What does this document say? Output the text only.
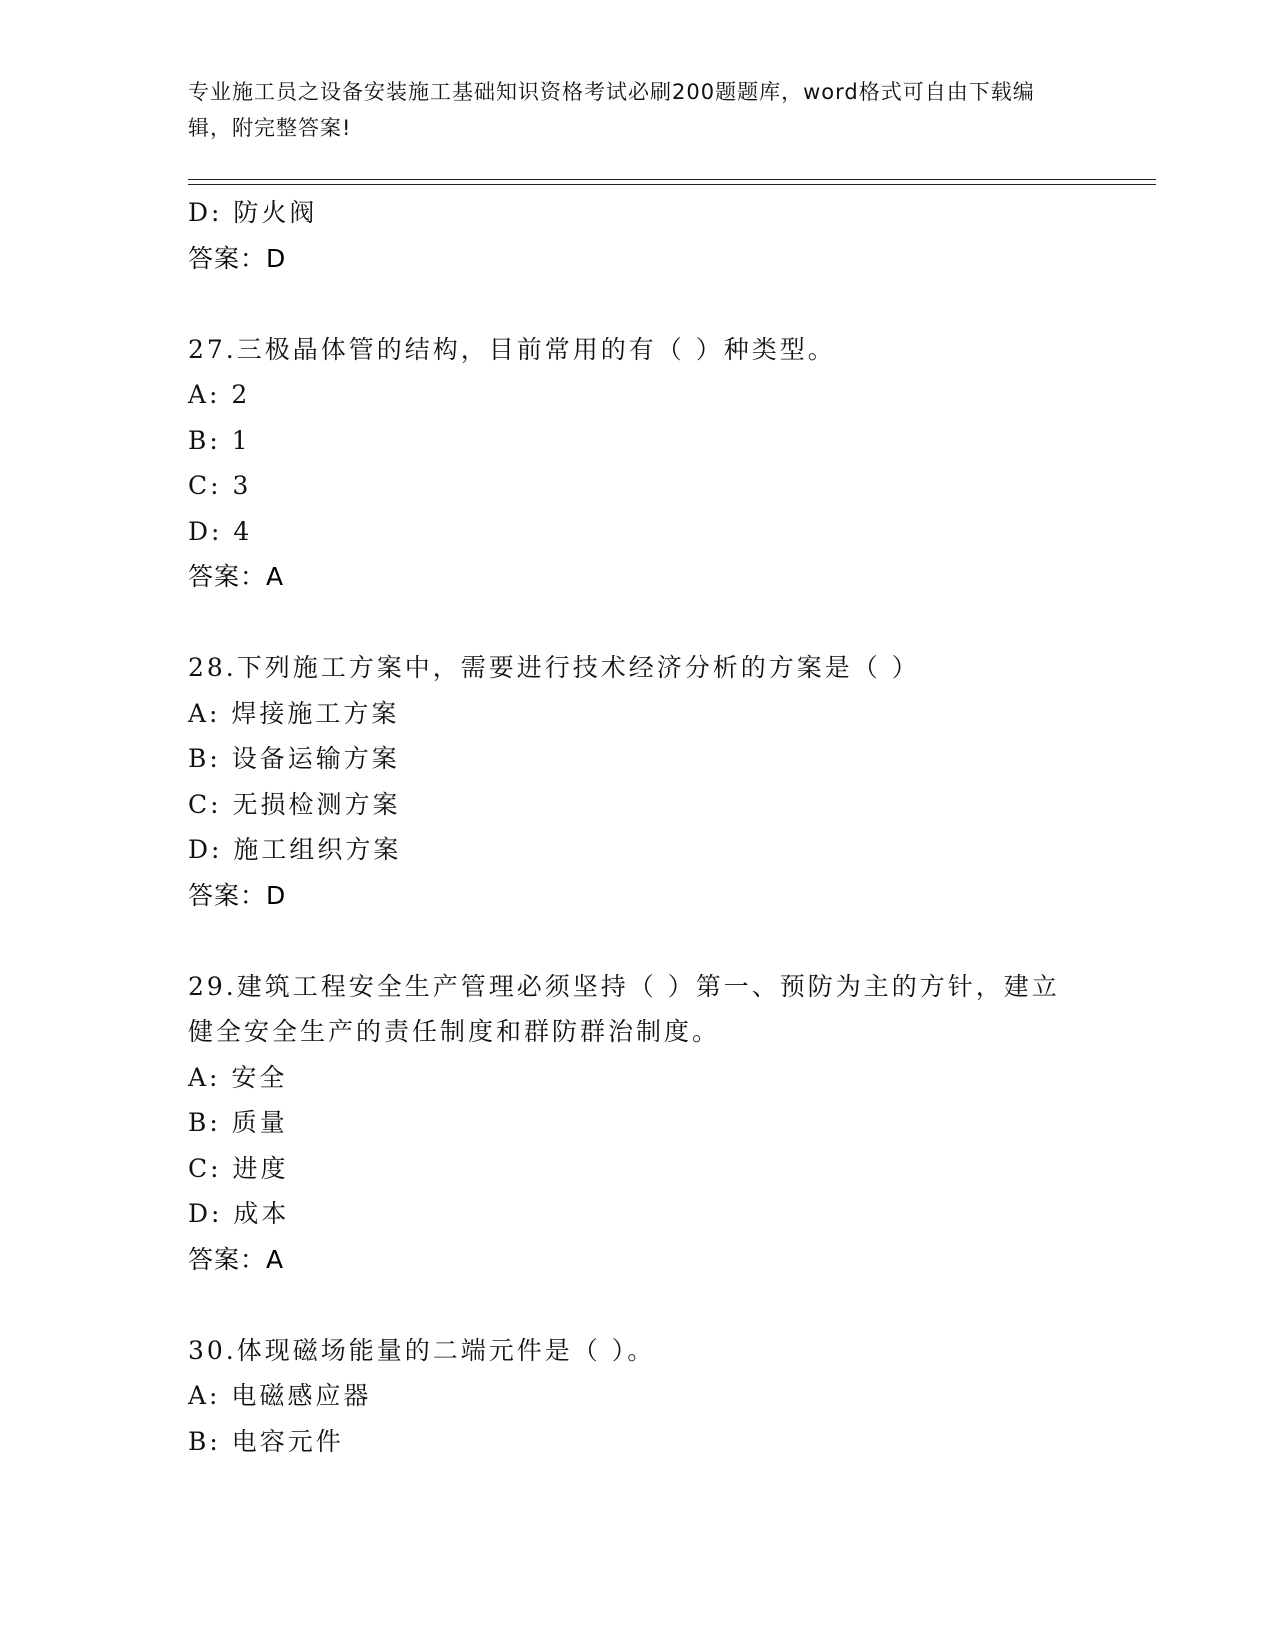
专业施工员之设备安装施工基础知识资格考试必刷200题题库，word格式可自由下载编辑，附完整答案!
D: 防火阀
答案：D
27.三极晶体管的结构，目前常用的有（ ）种类型。
A: 2
B: 1
C: 3
D: 4
答案：A
28.下列施工方案中，需要进行技术经济分析的方案是（ ）
A: 焊接施工方案
B: 设备运输方案
C: 无损检测方案
D: 施工组织方案
答案：D
29.建筑工程安全生产管理必须坚持（ ）第一、预防为主的方针，建立健全安全生产的责任制度和群防群治制度。
A: 安全
B: 质量
C: 进度
D: 成本
答案：A
30.体现磁场能量的二端元件是（ ）。
A: 电磁感应器
B: 电容元件
